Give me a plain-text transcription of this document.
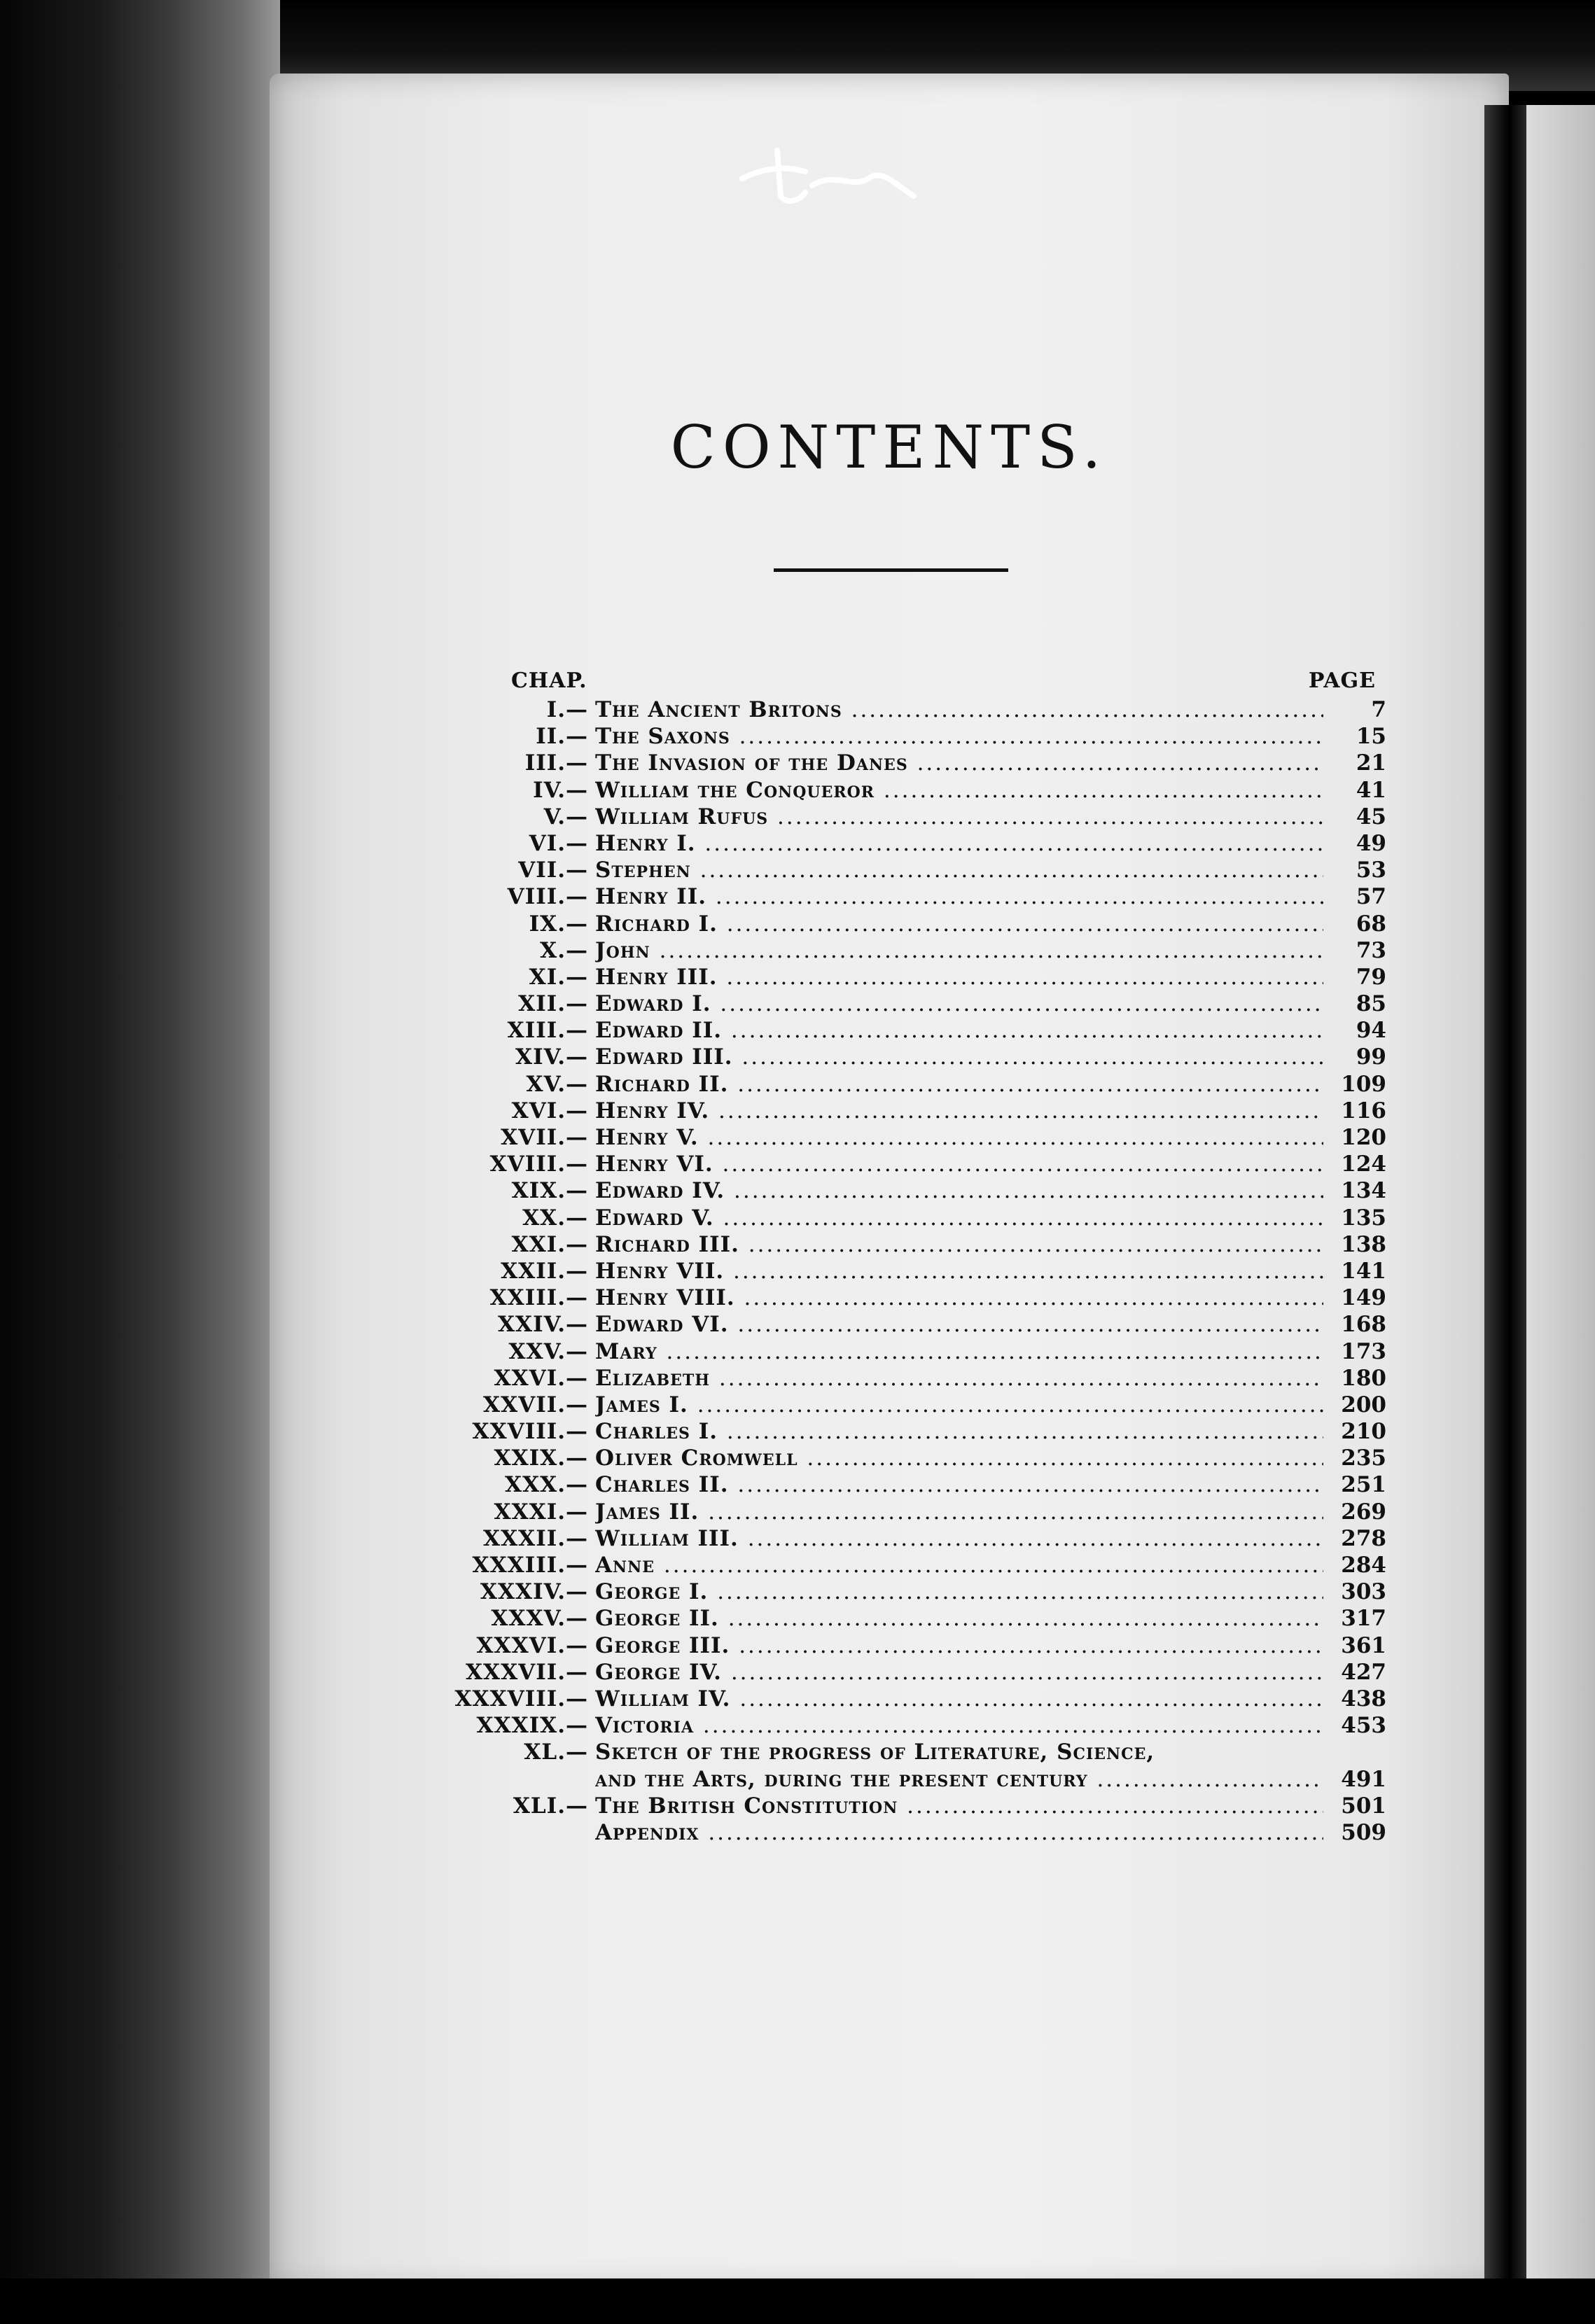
CONTENTS.
CHAP.	PAGE
I.— The Ancient Britons .....	7
II.— The Saxons .....	15
III.— The Invasion of the Danes .....	21
IV.— William the Conqueror .....	41
V.— William Rufus .....	45
VI.— Henry I. .....	49
VII.— Stephen .....	53
VIII.— Henry II. .....	57
IX.— Richard I. .....	68
X.— John .....	73
XI.— Henry III. .....	79
XII.— Edward I. .....	85
XIII.— Edward II. .....	94
XIV.— Edward III. .....	99
XV.— Richard II. .....	109
XVI.— Henry IV. .....	116
XVII.— Henry V. .....	120
XVIII.— Henry VI. .....	124
XIX.— Edward IV. .....	134
XX.— Edward V. .....	135
XXI.— Richard III. .....	138
XXII.— Henry VII. .....	141
XXIII.— Henry VIII. .....	149
XXIV.— Edward VI. .....	168
XXV.— Mary .....	173
XXVI.— Elizabeth .....	180
XXVII.— James I. .....	200
XXVIII.— Charles I. .....	210
XXIX.— Oliver Cromwell .....	235
XXX.— Charles II. .....	251
XXXI.— James II. .....	269
XXXII.— William III. .....	278
XXXIII.— Anne .....	284
XXXIV.— George I. .....	303
XXXV.— George II. .....	317
XXXVI.— George III. .....	361
XXXVII.— George IV. .....	427
XXXVIII.— William IV. .....	438
XXXIX.— Victoria .....	453
XL.— Sketch of the progress of Literature, Science,
and the Arts, during the present century .....	491
XLI.— The British Constitution .....	501
Appendix .....	509
